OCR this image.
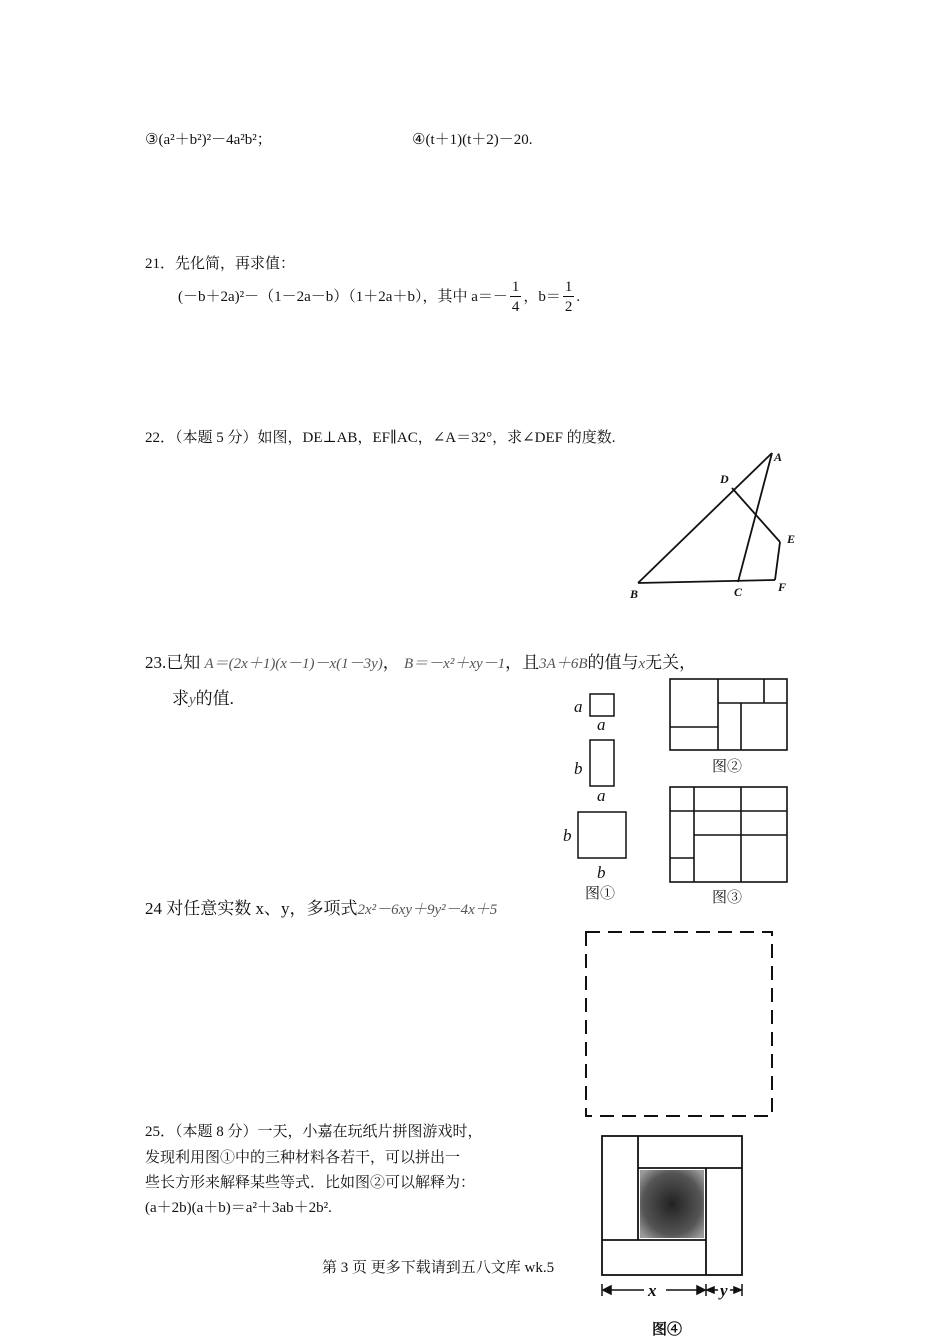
③(a²＋b²)²－4a²b²；	④(t＋1)(t＋2)－20.
21．先化简，再求值：
(－b＋2a)²－（1－2a－b）（1＋2a＋b），其中 $a=- \frac{1}{4}$ ，$b= \frac{1}{2}$ .
22．（本题 5 分）如图，DE⊥AB，EF∥AC，∠A＝32°，求∠DEF 的度数.
A
B	C
D
E
F
23.已知 A＝(2x＋1)(x－1)－x(1－3y)， B＝－x²＋xy－1，且3A＋6B的值与x无关，
求y的值.
24 对任意实数 x、y，多项式2x²－6xy＋9y²－4x＋5
25．（本题 8 分）一天，小嘉在玩纸片拼图游戏时，
发现利用图①中的三种材料各若干，可以拼出一
些长方形来解释某些等式．比如图②可以解释为：
(a＋2b)(a＋b)＝a²＋3ab＋2b².
a
a
b
a
b
b
图①
图②
图③
x	y
图④
第 3 页 更多下载请到五八文库 wk.5
